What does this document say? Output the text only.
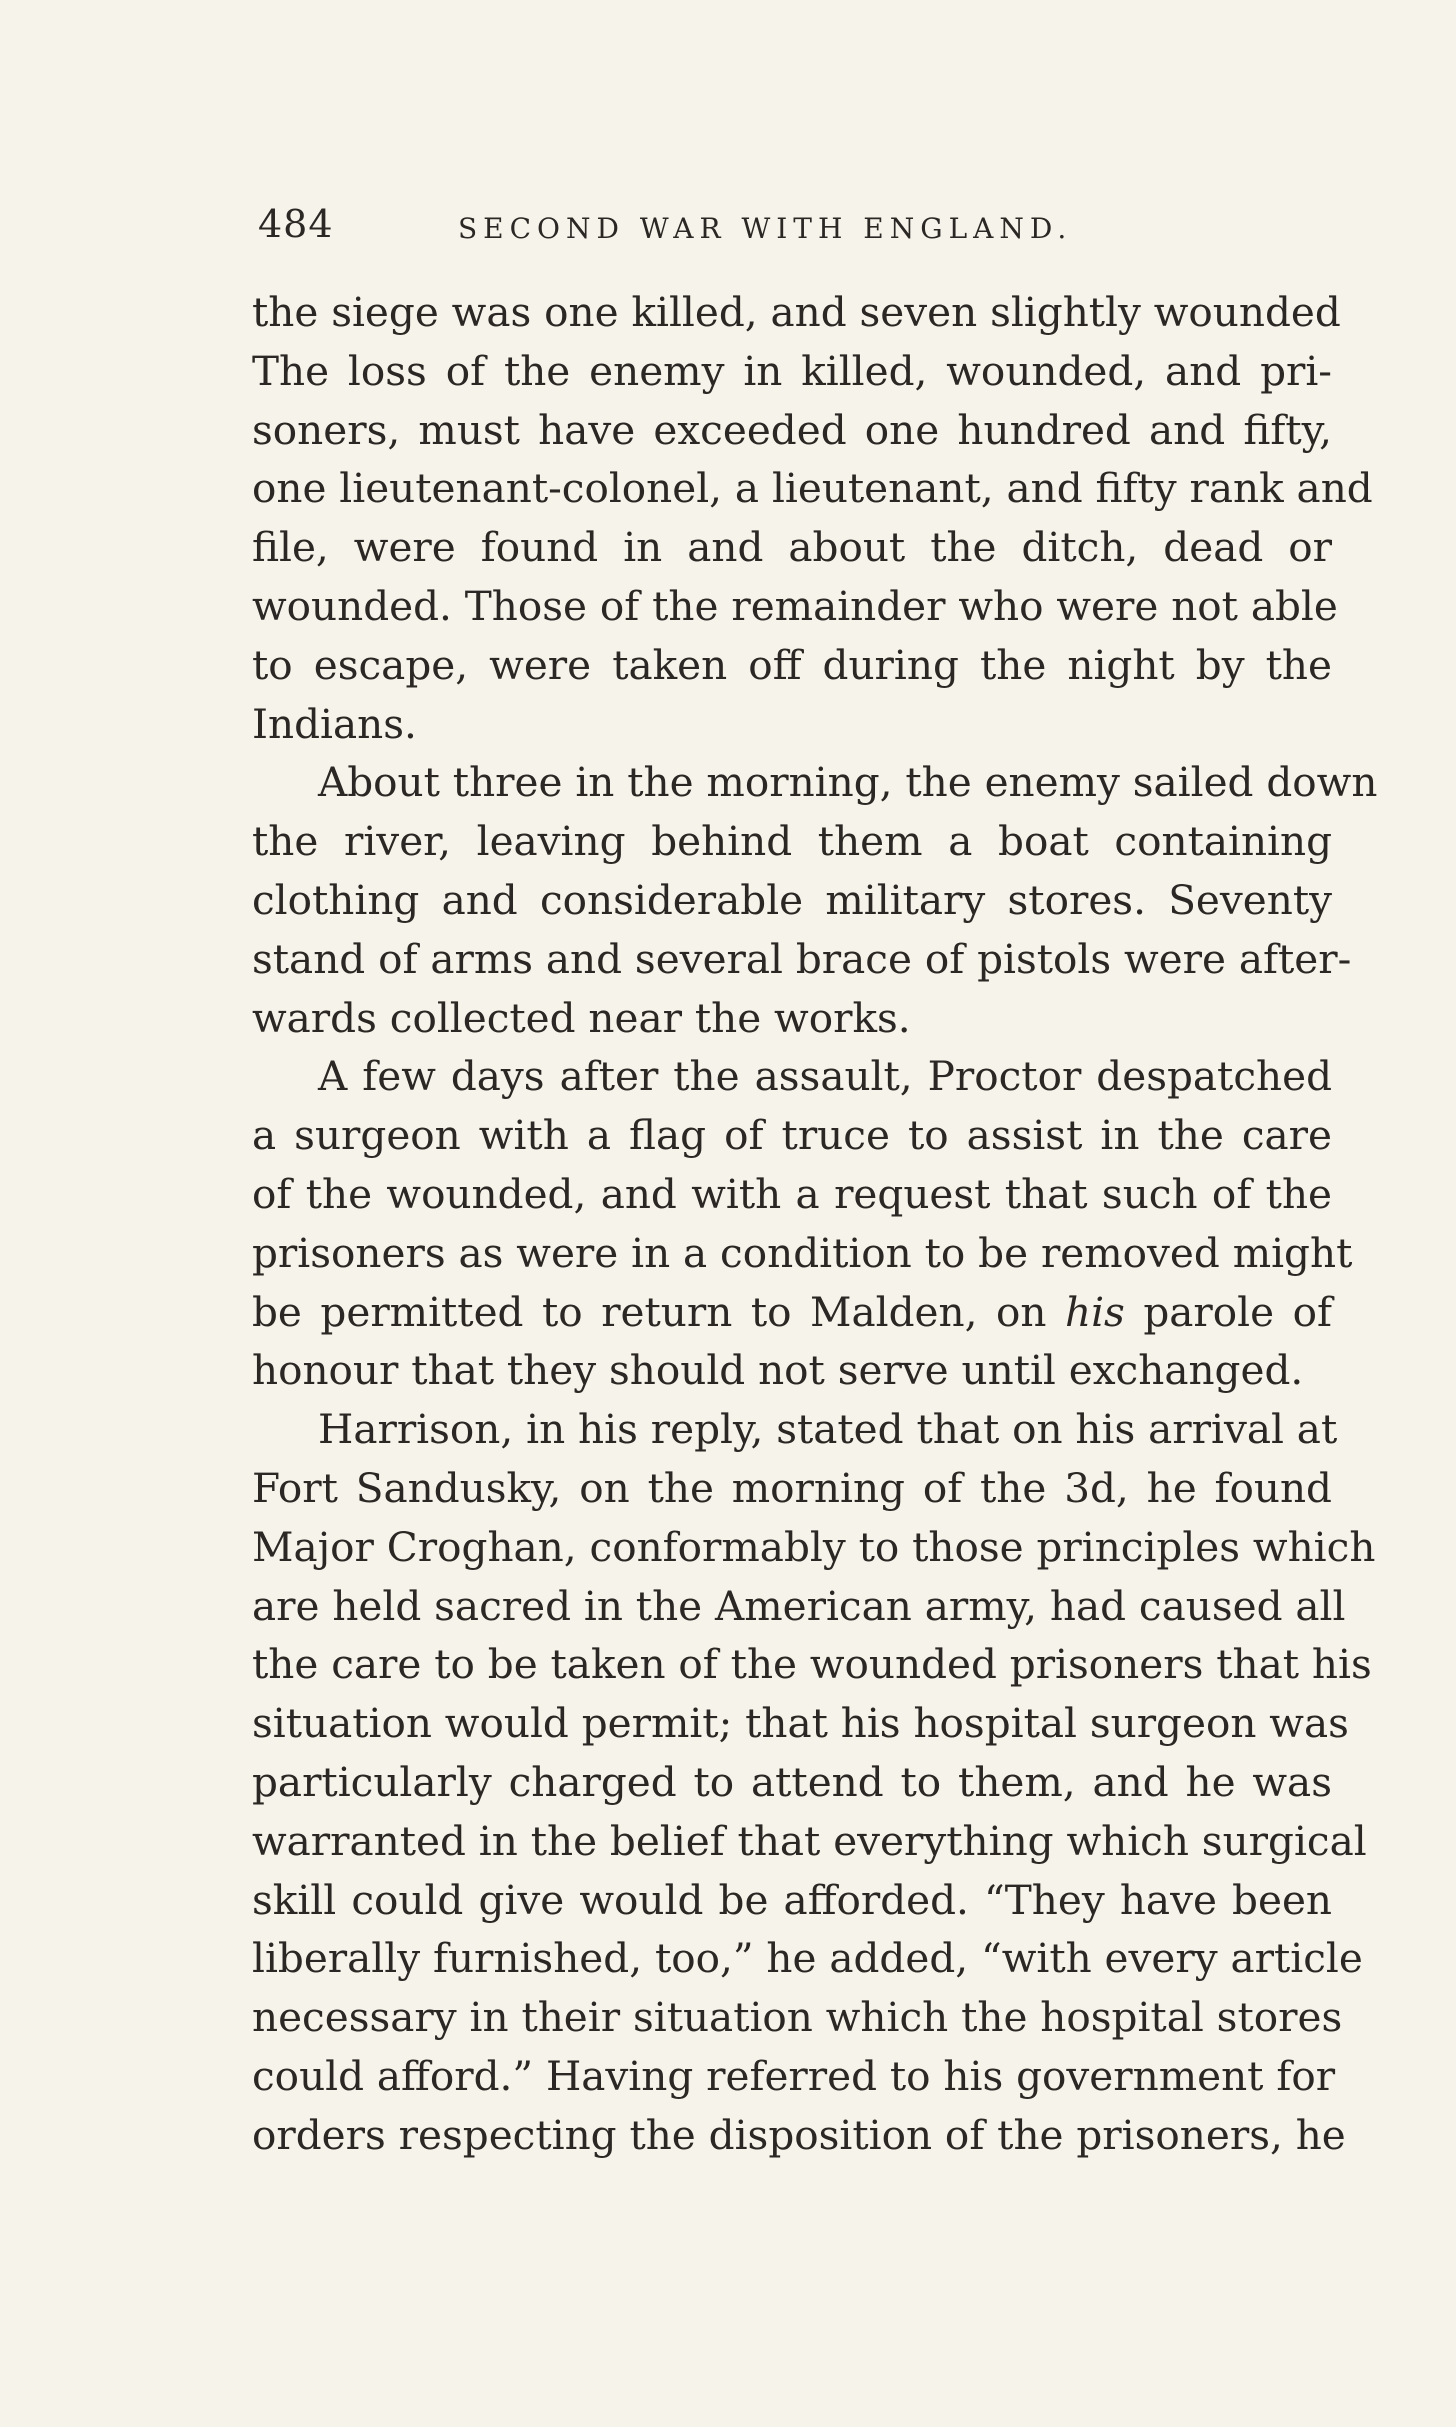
484	SECOND WAR WITH ENGLAND.

the siege was one killed, and seven slightly wounded
The loss of the enemy in killed, wounded, and pri-
soners, must have exceeded one hundred and fifty,
one lieutenant-colonel, a lieutenant, and fifty rank and
file, were found in and about the ditch, dead or
wounded. Those of the remainder who were not able
to escape, were taken off during the night by the
Indians.

About three in the morning, the enemy sailed down
the river, leaving behind them a boat containing
clothing and considerable military stores. Seventy
stand of arms and several brace of pistols were after-
wards collected near the works.

A few days after the assault, Proctor despatched
a surgeon with a flag of truce to assist in the care
of the wounded, and with a request that such of the
prisoners as were in a condition to be removed might
be permitted to return to Malden, on his parole of
honour that they should not serve until exchanged.

Harrison, in his reply, stated that on his arrival at
Fort Sandusky, on the morning of the 3d, he found
Major Croghan, conformably to those principles which
are held sacred in the American army, had caused all
the care to be taken of the wounded prisoners that his
situation would permit; that his hospital surgeon was
particularly charged to attend to them, and he was
warranted in the belief that everything which surgical
skill could give would be afforded. “They have been
liberally furnished, too,” he added, “with every article
necessary in their situation which the hospital stores
could afford.” Having referred to his government for
orders respecting the disposition of the prisoners, he
